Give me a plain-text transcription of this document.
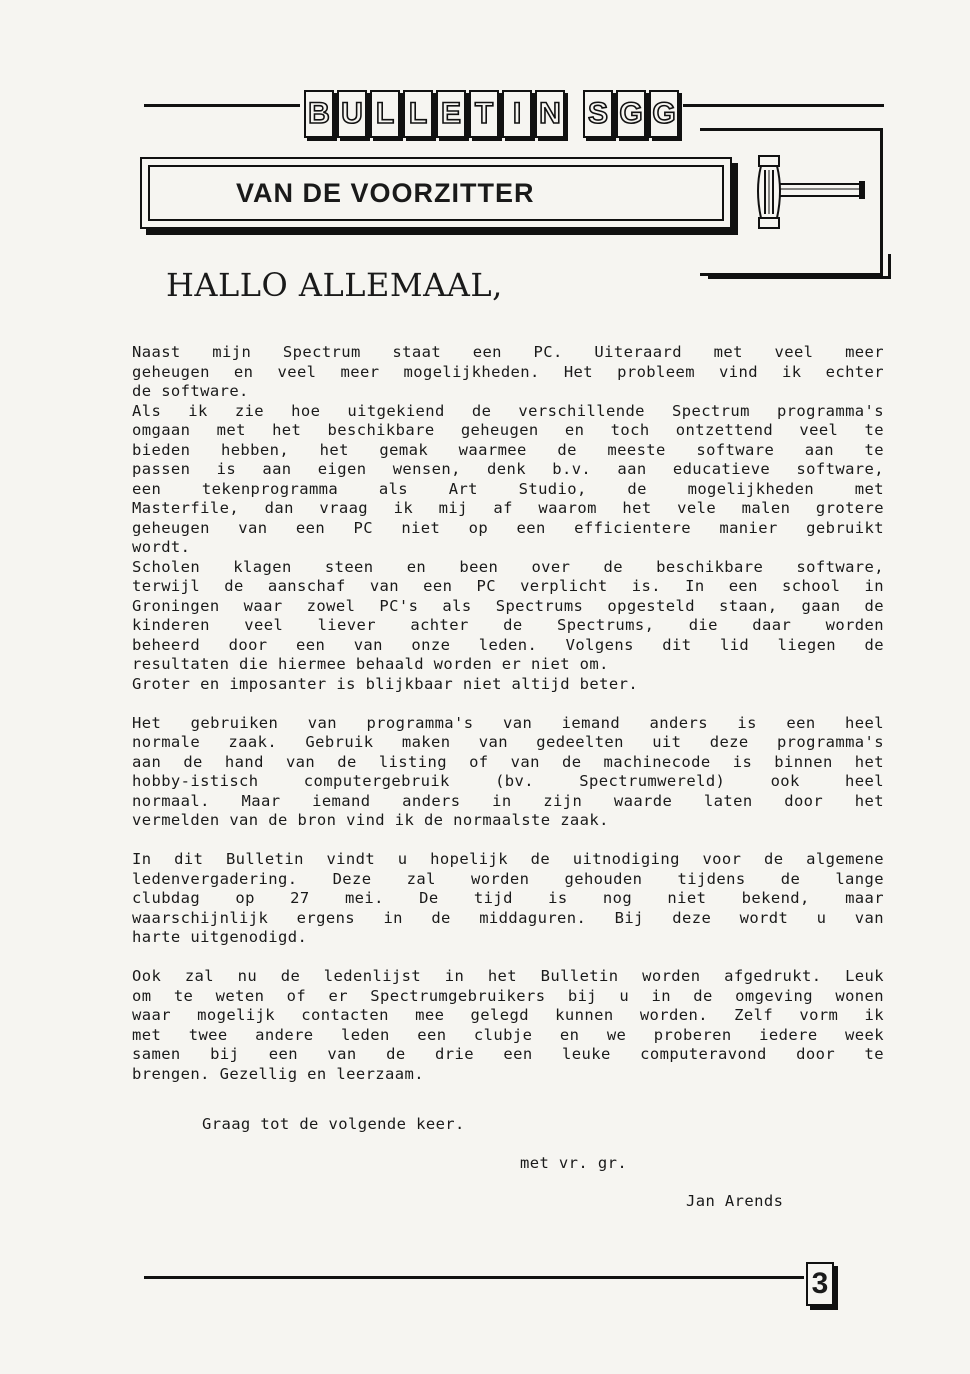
B U L L E T I N S G G
VAN DE VOORZITTER
HALLO ALLEMAAL,
Naast mijn Spectrum staat een PC. Uiteraard met veel meer
geheugen en veel meer mogelijkheden. Het probleem vind ik echter
de software.
Als ik zie hoe uitgekiend de verschillende Spectrum programma's
omgaan met het beschikbare geheugen en toch ontzettend veel te
bieden hebben, het gemak waarmee de meeste software aan te
passen is aan eigen wensen, denk b.v. aan educatieve software,
een tekenprogramma als Art Studio, de mogelijkheden met
Masterfile, dan vraag ik mij af waarom het vele malen grotere
geheugen van een PC niet op een efficientere manier gebruikt
wordt.
Scholen klagen steen en been over de beschikbare software,
terwijl de aanschaf van een PC verplicht is. In een school in
Groningen waar zowel PC's als Spectrums opgesteld staan, gaan de
kinderen veel liever achter de Spectrums, die daar worden
beheerd door een van onze leden. Volgens dit lid liegen de
resultaten die hiermee behaald worden er niet om.
Groter en imposanter is blijkbaar niet altijd beter.
Het gebruiken van programma's van iemand anders is een heel
normale zaak. Gebruik maken van gedeelten uit deze programma's
aan de hand van de listing of van de machinecode is binnen het
hobby-istisch computergebruik (bv. Spectrumwereld) ook heel
normaal. Maar iemand anders in zijn waarde laten door het
vermelden van de bron vind ik de normaalste zaak.
In dit Bulletin vindt u hopelijk de uitnodiging voor de algemene
ledenvergadering. Deze zal worden gehouden tijdens de lange
clubdag op 27 mei. De tijd is nog niet bekend, maar
waarschijnlijk ergens in de middaguren. Bij deze wordt u van
harte uitgenodigd.
Ook zal nu de ledenlijst in het Bulletin worden afgedrukt. Leuk
om te weten of er Spectrumgebruikers bij u in de omgeving wonen
waar mogelijk contacten mee gelegd kunnen worden. Zelf vorm ik
met twee andere leden een clubje en we proberen iedere week
samen bij een van de drie een leuke computeravond door te
brengen. Gezellig en leerzaam.
Graag tot de volgende keer.
met vr. gr.
Jan Arends
3
